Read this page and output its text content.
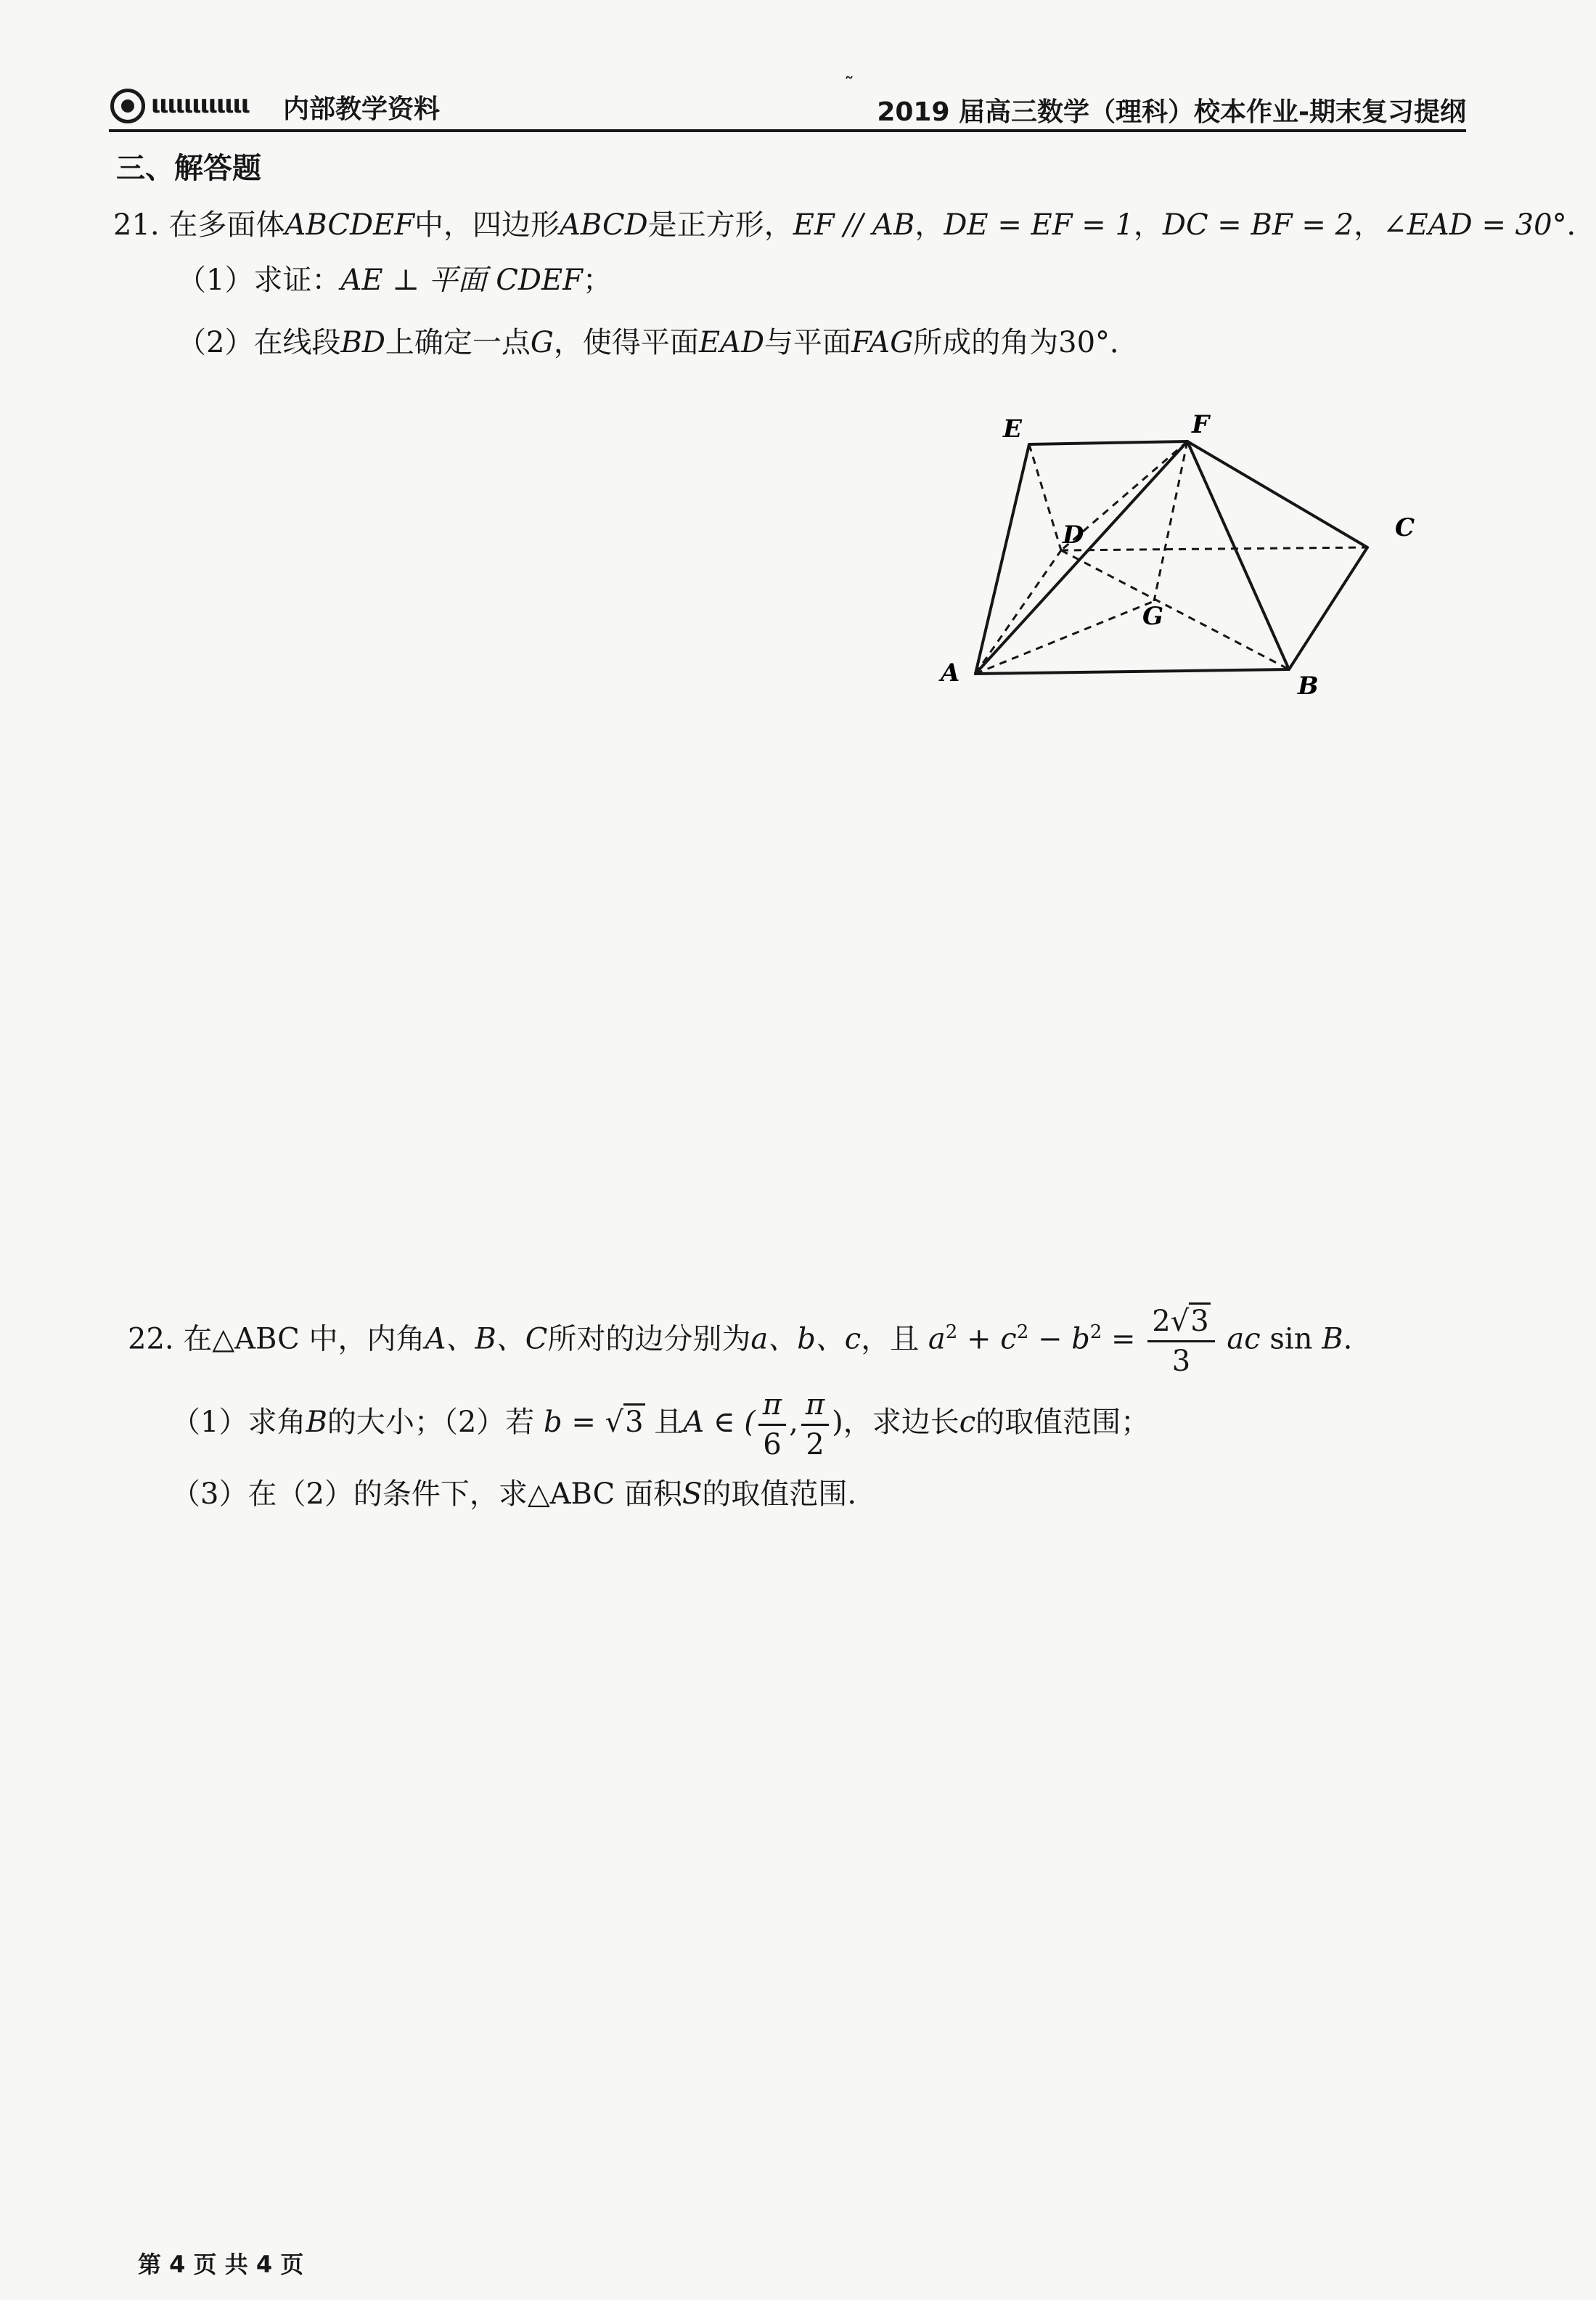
ιιιιιιιιιιιι 内部教学资料
˜
2019 届高三数学（理科）校本作业-期末复习提纲
三、解答题
21. 在多面体ABCDEF中，四边形ABCD是正方形，EF // AB，DE = EF = 1，DC = BF = 2，∠EAD = 30°．
（1）求证：AE ⊥ 平面 CDEF；
（2）在线段BD上确定一点G，使得平面EAD与平面FAG所成的角为30°．
E	F
C
D
G
A	B
22. 在△ABC 中，内角A、B、C所对的边分别为a、b、c，且 $a^2 + c^2 - b^2 = \frac{2√3}{3}$ ac sin B.
（1）求角B的大小；（2）若 b = √3 且A ∈ ( $\frac{\pi}{6}$ , $\frac{\pi}{2}$ )，求边长c的取值范围；
（3）在（2）的条件下，求△ABC 面积S的取值范围.
第 4 页 共 4 页
